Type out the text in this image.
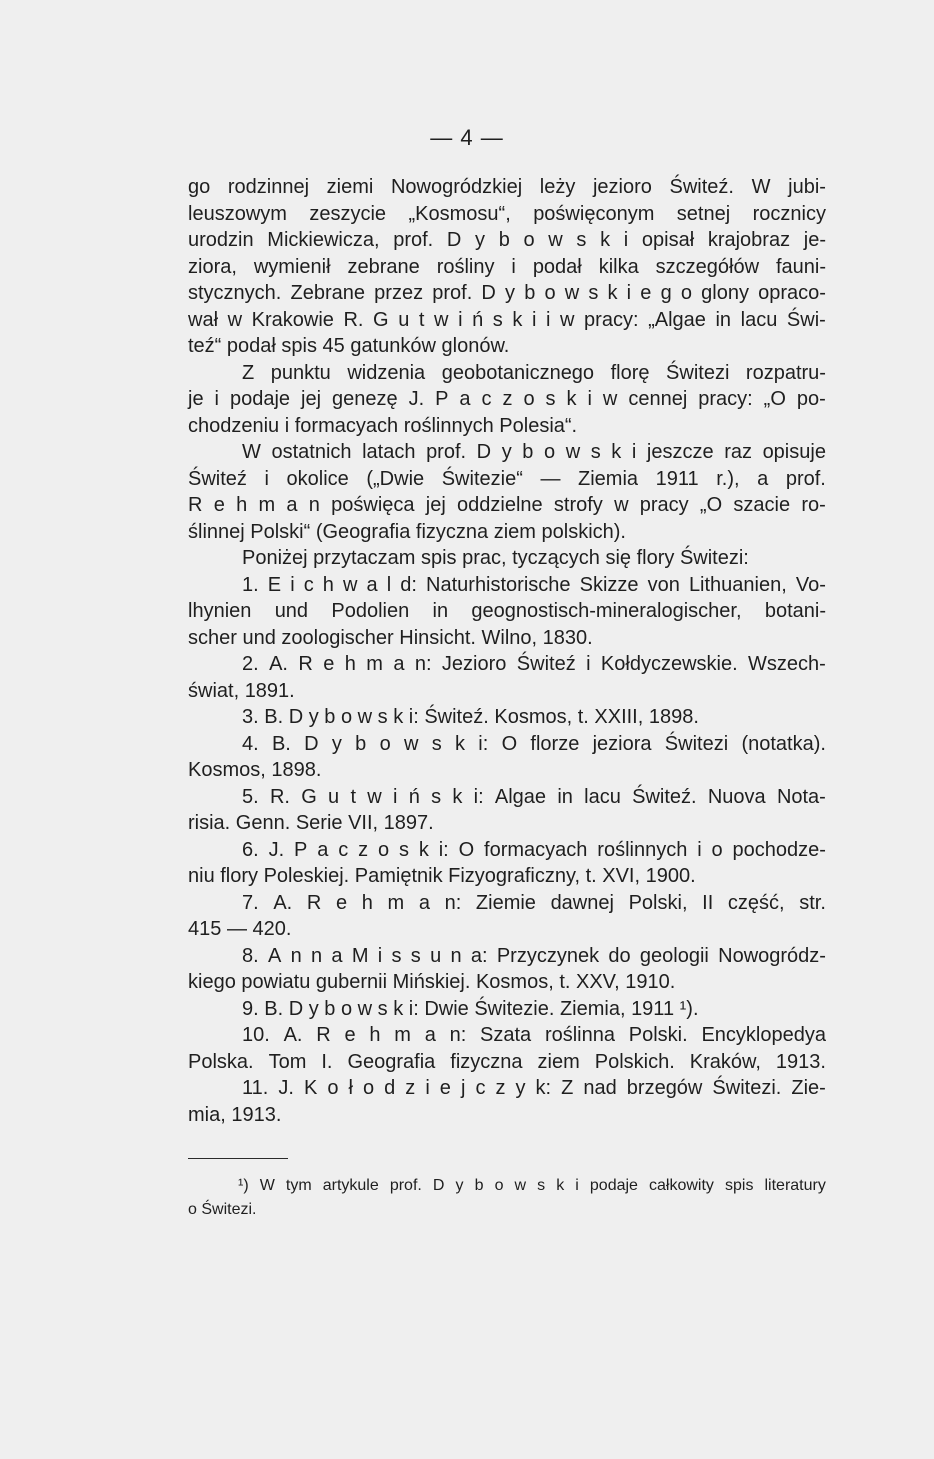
— 4 —
go rodzinnej ziemi Nowogródzkiej leży jezioro Świteź. W jubi-
leuszowym zeszycie „Kosmosu“, poświęconym setnej rocznicy
urodzin Mickiewicza, prof. D y b o w s k i opisał krajobraz je-
ziora, wymienił zebrane rośliny i podał kilka szczegółów fauni-
stycznych. Zebrane przez prof. D y b o w s k i e g o glony opraco-
wał w Krakowie R. G u t w i ń s k i i w pracy: „Algae in lacu Świ-
teź“ podał spis 45 gatunków glonów.
Z punktu widzenia geobotanicznego florę Świtezi rozpatru-
je i podaje jej genezę J. P a c z o s k i w cennej pracy: „O po-
chodzeniu i formacyach roślinnych Polesia“.
W ostatnich latach prof. D y b o w s k i jeszcze raz opisuje
Świteź i okolice („Dwie Świtezie“ — Ziemia 1911 r.), a prof.
R e h m a n poświęca jej oddzielne strofy w pracy „O szacie ro-
ślinnej Polski“ (Geografia fizyczna ziem polskich).
Poniżej przytaczam spis prac, tyczących się flory Świtezi:
1. E i c h w a l d: Naturhistorische Skizze von Lithuanien, Vo-
lhynien und Podolien in geognostisch-mineralogischer, botani-
scher und zoologischer Hinsicht. Wilno, 1830.
2. A. R e h m a n: Jezioro Świteź i Kołdyczewskie. Wszech-
świat, 1891.
3. B. D y b o w s k i: Świteź. Kosmos, t. XXIII, 1898.
4. B. D y b o w s k i: O florze jeziora Świtezi (notatka).
Kosmos, 1898.
5. R. G u t w i ń s k i: Algae in lacu Świteź. Nuova Nota-
risia. Genn. Serie VII, 1897.
6. J. P a c z o s k i: O formacyach roślinnych i o pochodze-
niu flory Poleskiej. Pamiętnik Fizyograficzny, t. XVI, 1900.
7. A. R e h m a n: Ziemie dawnej Polski, II część, str.
415 — 420.
8. A n n a M i s s u n a: Przyczynek do geologii Nowogródz-
kiego powiatu gubernii Mińskiej. Kosmos, t. XXV, 1910.
9. B. D y b o w s k i: Dwie Świtezie. Ziemia, 1911 ¹).
10. A. R e h m a n: Szata roślinna Polski. Encyklopedya
Polska. Tom I. Geografia fizyczna ziem Polskich. Kraków, 1913.
11. J. K o ł o d z i e j c z y k: Z nad brzegów Świtezi. Zie-
mia, 1913.
¹) W tym artykule prof. D y b o w s k i podaje całkowity spis literatury
o Świtezi.
